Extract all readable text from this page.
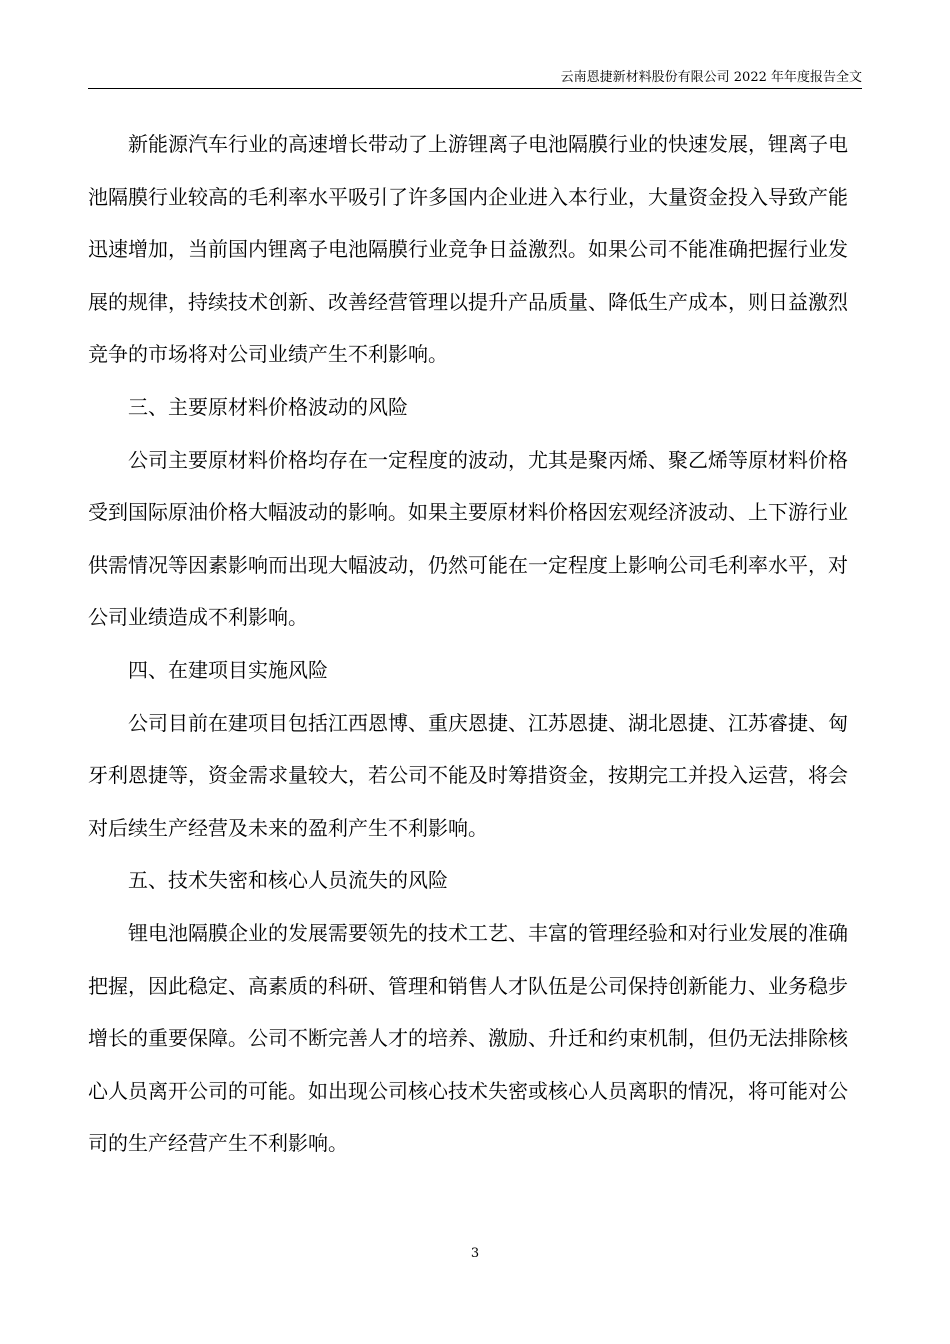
云南恩捷新材料股份有限公司 2022 年年度报告全文

新能源汽车行业的高速增长带动了上游锂离子电池隔膜行业的快速发展，锂离子电池隔膜行业较高的毛利率水平吸引了许多国内企业进入本行业，大量资金投入导致产能迅速增加，当前国内锂离子电池隔膜行业竞争日益激烈。如果公司不能准确把握行业发展的规律，持续技术创新、改善经营管理以提升产品质量、降低生产成本，则日益激烈竞争的市场将对公司业绩产生不利影响。

三、主要原材料价格波动的风险

公司主要原材料价格均存在一定程度的波动，尤其是聚丙烯、聚乙烯等原材料价格受到国际原油价格大幅波动的影响。如果主要原材料价格因宏观经济波动、上下游行业供需情况等因素影响而出现大幅波动，仍然可能在一定程度上影响公司毛利率水平，对公司业绩造成不利影响。

四、在建项目实施风险

公司目前在建项目包括江西恩博、重庆恩捷、江苏恩捷、湖北恩捷、江苏睿捷、匈牙利恩捷等，资金需求量较大，若公司不能及时筹措资金，按期完工并投入运营，将会对后续生产经营及未来的盈利产生不利影响。

五、技术失密和核心人员流失的风险

锂电池隔膜企业的发展需要领先的技术工艺、丰富的管理经验和对行业发展的准确把握，因此稳定、高素质的科研、管理和销售人才队伍是公司保持创新能力、业务稳步增长的重要保障。公司不断完善人才的培养、激励、升迁和约束机制，但仍无法排除核心人员离开公司的可能。如出现公司核心技术失密或核心人员离职的情况，将可能对公司的生产经营产生不利影响。

3
